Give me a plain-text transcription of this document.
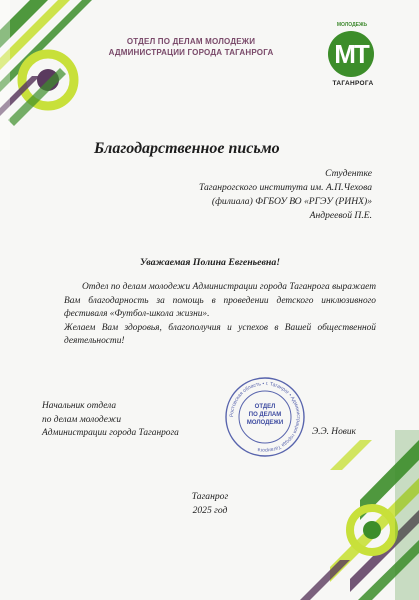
ОТДЕЛ ПО ДЕЛАМ МОЛОДЕЖИ
АДМИНИСТРАЦИИ ГОРОДА ТАГАНРОГА
МОЛОДЕЖЬ
МТ
ТАГАНРОГА
Благодарственное письмо
Студентке
Таганрогского института им. А.П.Чехова
(филиала) ФГБОУ ВО «РГЭУ (РИНХ)»
Андреевой П.Е.
Уважаемая Полина Евгеньевна!

Отдел по делам молодежи Администрации города Таганрога выражает Вам благодарность за помощь в проведении детского инклюзивного фестиваля «Футбол-школа жизни».

Желаем Вам здоровья, благополучия и успехов в Вашей общественной деятельности!

Начальник отдела
по делам молодежи
Администрации города Таганрога
Ростовская область • г. Таганрог • Администрация города Таганрога
ОТДЕЛ
ПО ДЕЛАМ
МОЛОДЕЖИ
Э.Э. Новик
Таганрог
2025 год
